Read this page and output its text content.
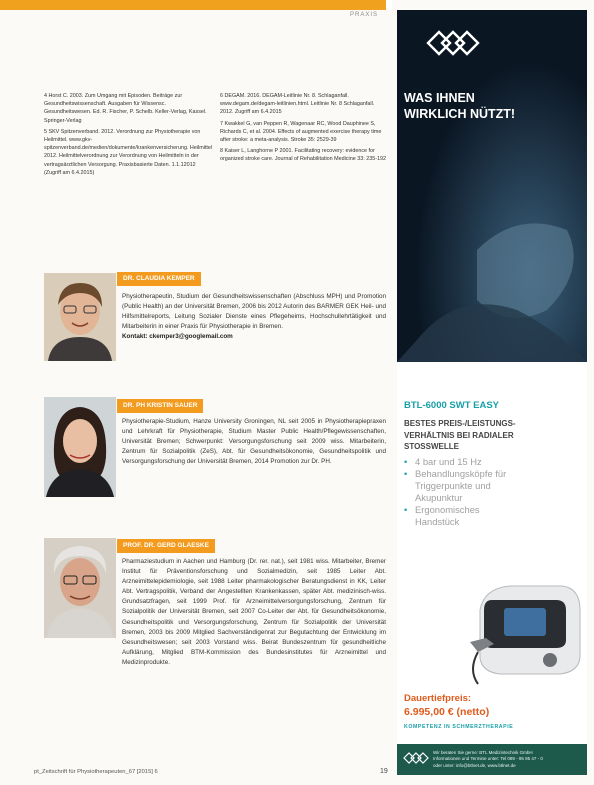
PRAXIS

4 Horst C. 2003. Zum Umgang mit Episoden. Beiträge zur Gesundheitswissenschaft. Ausgaben für Wissensc. Gesundheitswesen. Ed. R. Fischer, P. Schelb. Keller-Verlag, Kassel. Springer-Verlag

5 SKV Spitzenverband. 2012. Verordnung zur Physiotherapie von Heilmittel. www.gkv-spitzenverband.de/medien/dokumente/krankenversicherung. Heilmittel 2012. Heilmittelverordnung zur Verordnung von Heilmitteln in der vertragsärztlichen Versorgung. Praxisbasierte Daten. 1.1.12012 (Zugriff am 6.4.2015)

6 DEGAM. 2016. DEGAM-Leitlinie Nr. 8. Schlaganfall. www.degam.de/degam-leitlinien.html. Leitlinie Nr. 8 Schlaganfall. 2012. Zugriff am 6.4.2015

7 Kwakkel G, van Peppen R, Wagenaar RC, Wood Dauphinee S, Richards C, et al. 2004. Effects of augmented exercise therapy time after stroke: a meta-analysis. Stroke 35: 2529-39

8 Kaiser L, Langhorne P 2001. Facilitating recovery: evidence for organized stroke care. Journal of Rehabilitation Medicine 33: 235-192

DR. CLAUDIA KEMPER
Physiotherapeutin, Studium der Gesundheitswissenschaften (Abschluss MPH) und Promotion (Public Health) an der Universität Bremen, 2006 bis 2012 Autorin des BARMER GEK Heil- und Hilfsmittelreports, Leitung Sozialer Dienste eines Pflegeheims, Hochschullehrtätigkeit und Mitarbeiterin in einer Praxis für Physiotherapie in Bremen.
Kontakt: ckemper3@googlemail.com
DR. PH KRISTIN SAUER
Physiotherapie-Studium, Hanze University Groningen, NL seit 2005 in Physiotherapiepraxen und Lehrkraft für Physiotherapie, Studium Master Public Health/Pflegewissenschaften, Universität Bremen; Schwerpunkt: Versorgungsforschung seit 2009 wiss. Mitarbeiterin, Zentrum für Sozialpolitik (ZeS), Abt. für Gesundheitsökonomie, Gesundheitspolitik und Versorgungsforschung der Universität Bremen, 2014 Promotion zur Dr. PH.
PROF. DR. GERD GLAESKE
Pharmaziestudium in Aachen und Hamburg (Dr. rer. nat.), seit 1981 wiss. Mitarbeiter, Bremer Institut für Präventionsforschung und Sozialmedizin, seit 1985 Leiter Abt. Arzneimittelepidemiologie, seit 1988 Leiter pharmakologischer Beratungsdienst in KK, Leiter Abt. Vertragspolitik, Verband der Angestellten Krankenkassen, später Abt. medizinisch-wiss. Grundsatzfragen, seit 1999 Prof. für Arzneimittelversorgungsforschung, Zentrum für Sozialpolitik der Universität Bremen, seit 2007 Co-Leiter der Abt. für Gesundheitsökonomie, Gesundheitspolitik und Versorgungsforschung, Zentrum für Sozialpolitik der Universität Bremen, 2003 bis 2009 Mitglied Sachverständigenrat zur Begutachtung der Entwicklung im Gesundheitswesen; seit 2003 Vorstand wiss. Beirat Bundeszentrum für gesundheitliche Aufklärung, Mitglied BTM-Kommission des Bundesinstitutes für Arzneimittel und Medizinprodukte.
pt_Zeitschrift für Physiotherapeuten_67 [2015] 6	19
WAS IHNEN
WIRKLICH NÜTZT!
BTL-6000 SWT EASY
BESTES PREIS-/LEISTUNGS-
VERHÄLTNIS BEI RADIALER
STOSSWELLE
• 4 bar und 15 Hz
• Behandlungsköpfe für
Triggerpunkte und
Akupunktur
• Ergonomisches
Handstück
Dauertiefpreis:
6.995,00 € (netto)
KOMPETENZ IN SCHMERZTHERAPIE
Wir beraten Sie gerne: BTL Medizintechnik GmbH
Informationen und Termine unter: Tel 089 - 95 95 47 - 0
oder unter: info@btlnet.de, www.btlnet.de
